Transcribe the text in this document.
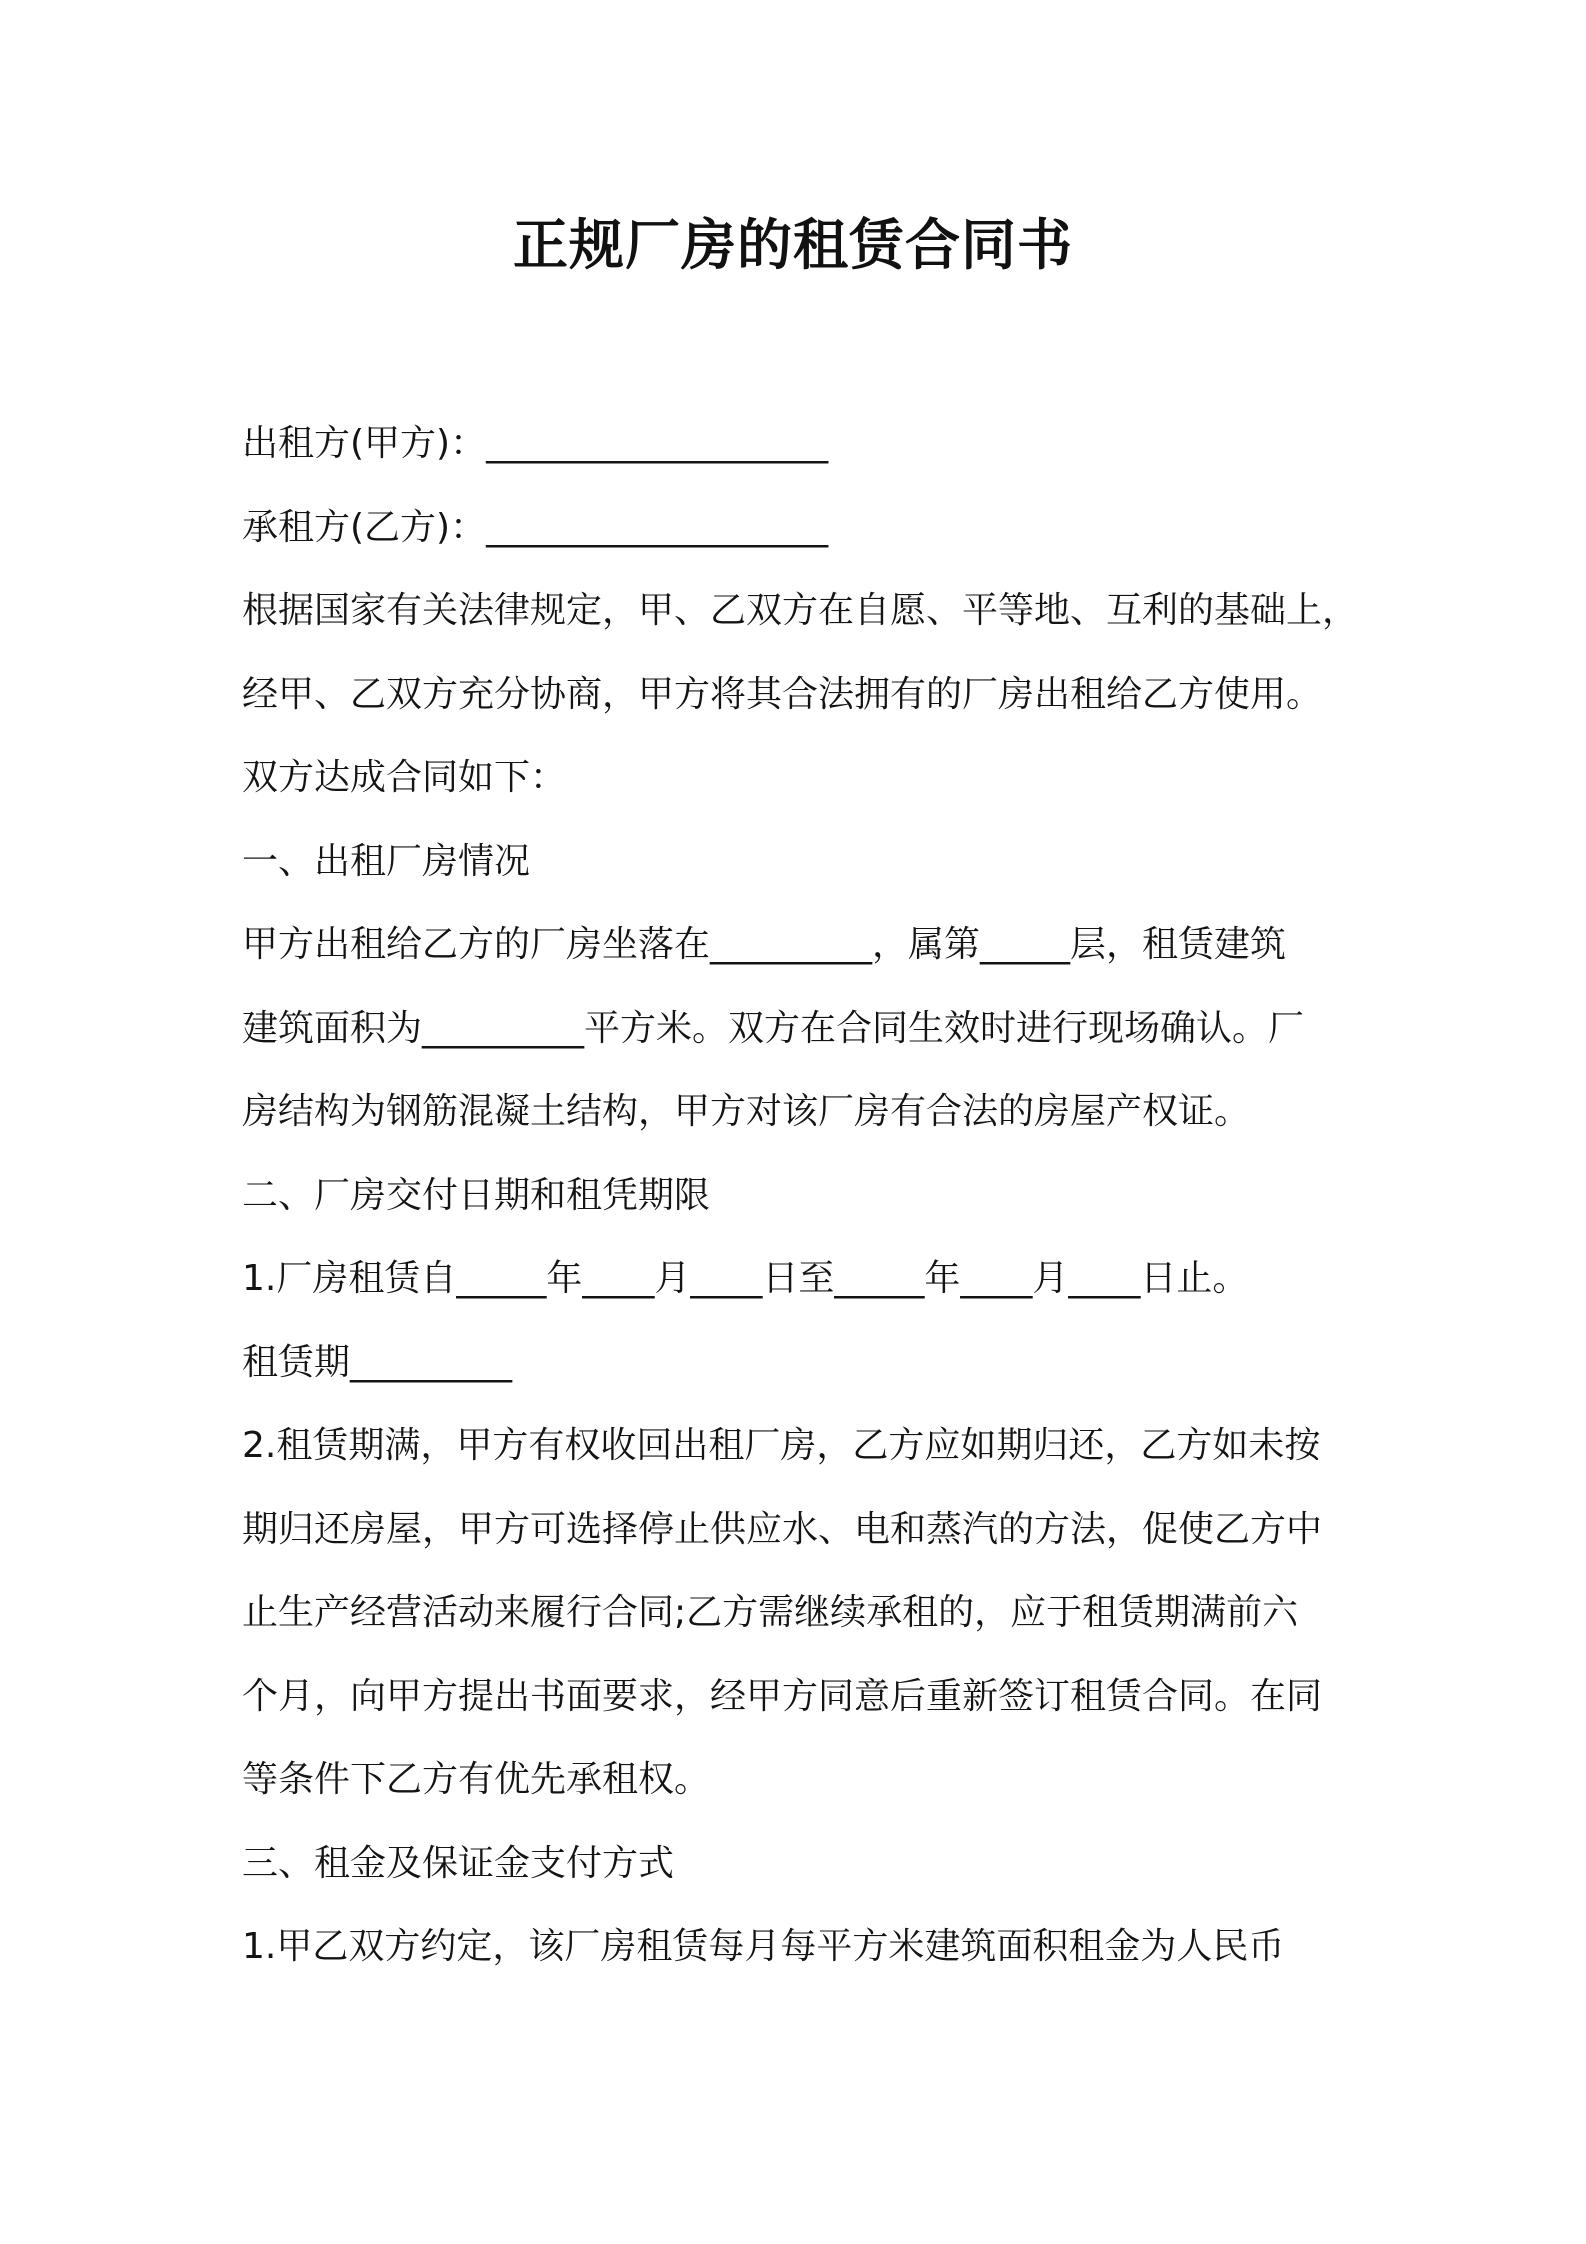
正规厂房的租赁合同书
出租方(甲方)：___________________
承租方(乙方)：___________________
根据国家有关法律规定，甲、乙双方在自愿、平等地、互利的基础上，
经甲、乙双方充分协商，甲方将其合法拥有的厂房出租给乙方使用。
双方达成合同如下：
一、出租厂房情况
甲方出租给乙方的厂房坐落在_________，属第_____层，租赁建筑
建筑面积为_________平方米。双方在合同生效时进行现场确认。厂
房结构为钢筋混凝土结构，甲方对该厂房有合法的房屋产权证。
二、厂房交付日期和租凭期限
1.厂房租赁自_____年____月____日至_____年____月____日止。
租赁期_________
2.租赁期满，甲方有权收回出租厂房，乙方应如期归还，乙方如未按
期归还房屋，甲方可选择停止供应水、电和蒸汽的方法，促使乙方中
止生产经营活动来履行合同;乙方需继续承租的，应于租赁期满前六
个月，向甲方提出书面要求，经甲方同意后重新签订租赁合同。在同
等条件下乙方有优先承租权。
三、租金及保证金支付方式
1.甲乙双方约定，该厂房租赁每月每平方米建筑面积租金为人民币
